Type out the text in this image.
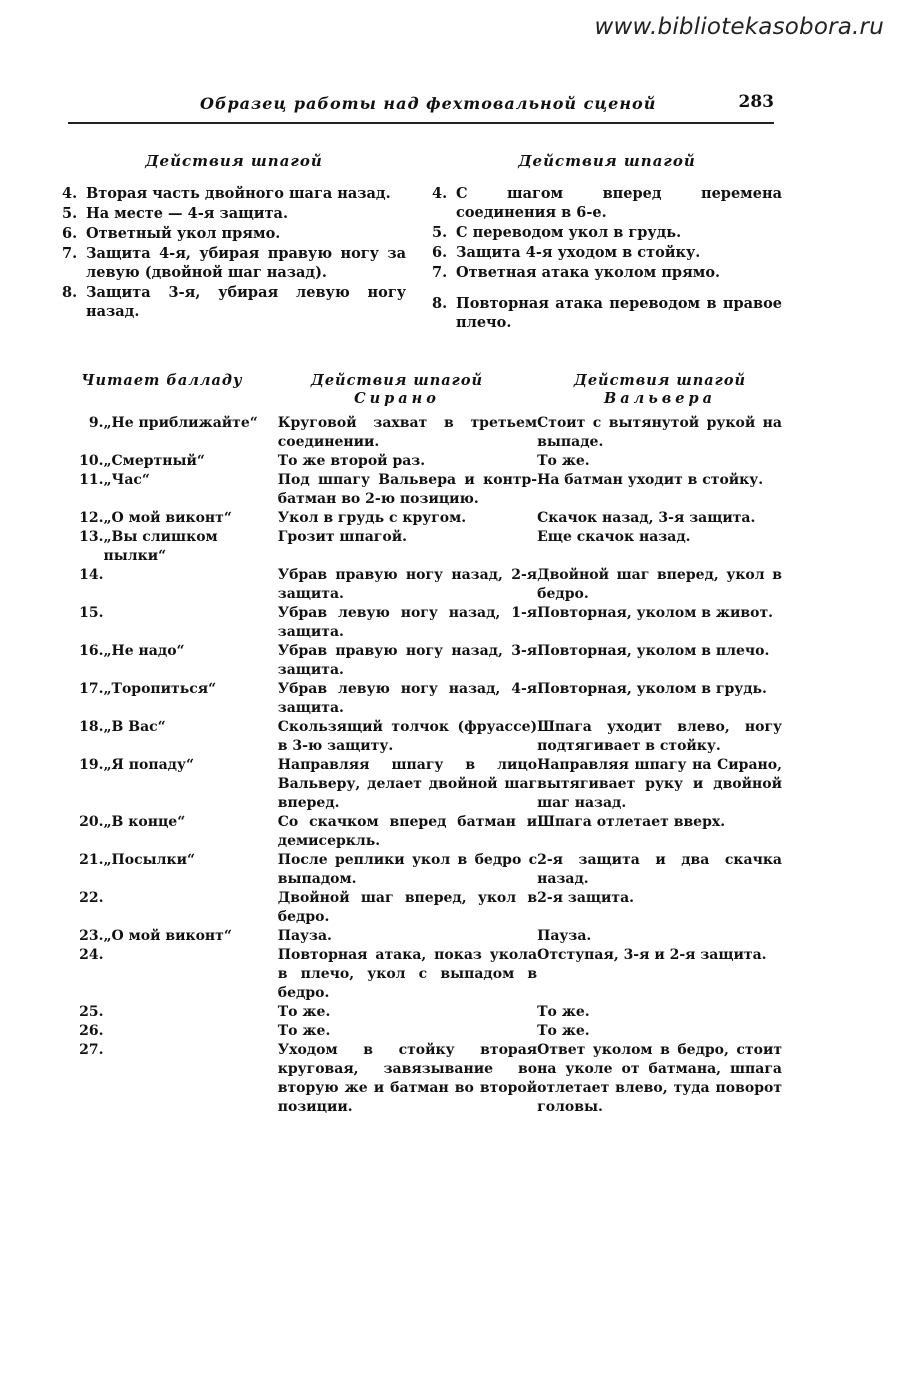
www.bibliotekasobora.ru
Образец работы над фехтовальной сценой	283
Действия шпагой
4. Вторая часть двойного шага назад.
5. На месте — 4-я защита.
6. Ответный укол прямо.
7. Защита 4-я, убирая правую ногу за левую (двойной шаг назад).
8. Защита 3-я, убирая левую ногу назад.
Действия шпагой
4. С шагом вперед перемена соединения в 6-е.
5. С переводом укол в грудь.
6. Защита 4-я уходом в стойку.
7. Ответная атака уколом прямо.
8. Повторная атака переводом в правое плечо.
Читает балладу	Действия шпагой
Сирано
Действия шпагой
Вальвера
9.	„Не приближайте“	Круговой захват в третьем соединении.	Стоит с вытянутой рукой на выпаде.
10.	„Смертный“	То же второй раз.	То же.
11.	„Час“	Под шпагу Вальвера и контр-батман во 2-ю позицию.	На батман уходит в стойку.
12.	„О мой виконт“	Укол в грудь с кругом.	Скачок назад, 3-я защита.
13.	„Вы слишком пылки“	Грозит шпагой.	Еще скачок назад.
14.		Убрав правую ногу назад, 2-я защита.	Двойной шаг вперед, укол в бедро.
15.		Убрав левую ногу назад, 1-я защита.	Повторная, уколом в живот.
16.	„Не надо“	Убрав правую ногу назад, 3-я защита.	Повторная, уколом в плечо.
17.	„Торопиться“	Убрав левую ногу назад, 4-я защита.	Повторная, уколом в грудь.
18.	„В Вас“	Скользящий толчок (фруассе) в 3-ю защиту.	Шпага уходит влево, ногу подтягивает в стойку.
19.	„Я попаду“	Направляя шпагу в лицо Вальверу, делает двойной шаг вперед.	Направляя шпагу на Сирано, вытягивает руку и двойной шаг назад.
20.	„В конце“	Со скачком вперед батман и демисеркль.	Шпага отлетает вверх.
21.	„Посылки“	После реплики укол в бедро с выпадом.	2-я защита и два скачка назад.
22.		Двойной шаг вперед, укол в бедро.	2-я защита.
23.	„О мой виконт“	Пауза.	Пауза.
24.		Повторная атака, показ укола в плечо, укол с выпадом в бедро.	Отступая, 3-я и 2-я защита.
25.		То же.	То же.
26.		То же.	То же.
27.		Уходом в стойку вторая круговая, завязывание во вторую же и батман во второй позиции.	Ответ уколом в бедро, стоит на уколе от батмана, шпага отлетает влево, туда поворот головы.
